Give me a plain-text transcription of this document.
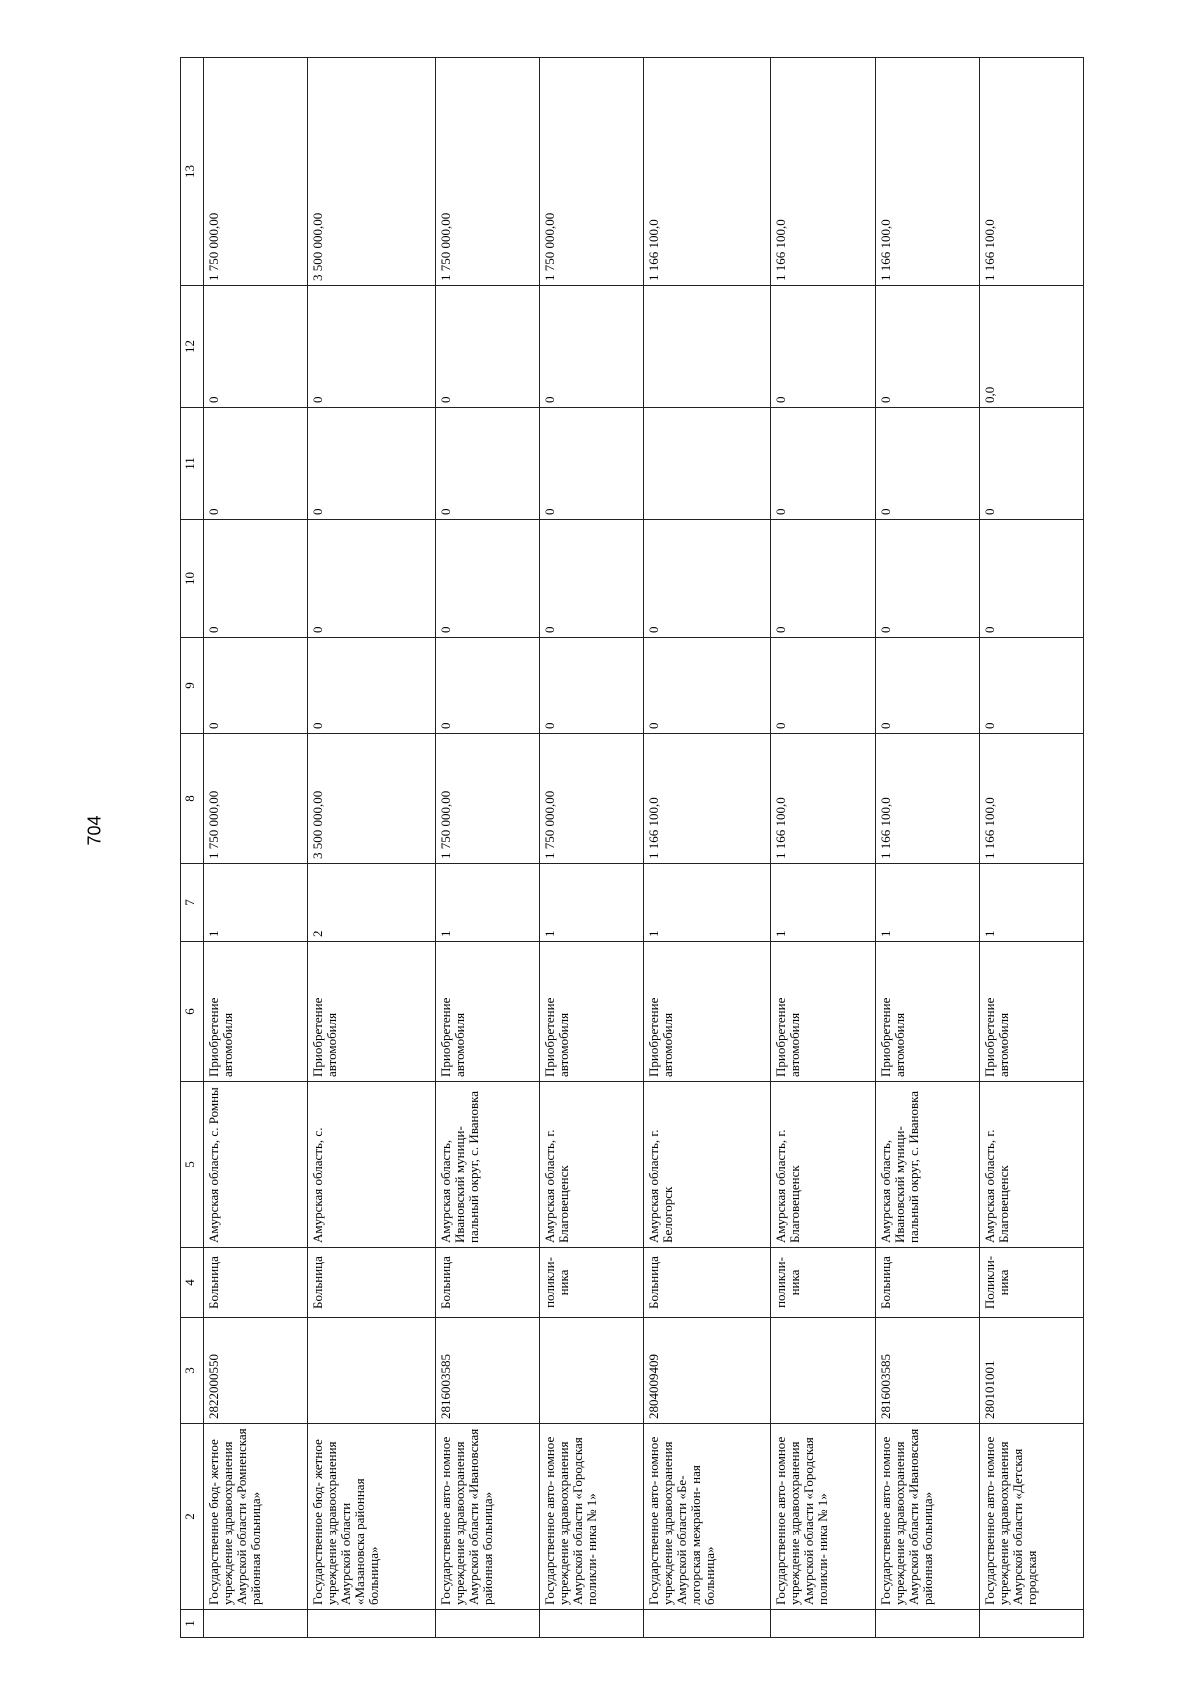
704
1	2	3	4	5	6	7	8	9	10	11	12	13
	Государственное бюд- жетное учреждение здравоохранения Амурской области «Ромненская районная больница»	2822000550	Больница	Амурская область, с. Ромны	Приобретение автомобиля	1	1 750 000,00	0	0	0	0	1 750 000,00
	Государственное бюд- жетное учреждение здравоохранения Амурской области «Мазановска районная больница»		Больница	Амурская область, с.	Приобретение автомобиля	2	3 500 000,00	0	0	0	0	3 500 000,00
	Государственное авто- номное учреждение здравоохранения Амурской области «Ивановская районная больница»	2816003585	Больница	Амурская область, Ивановский муници- пальный округ, с. Ивановка	Приобретение автомобиля	1	1 750 000,00	0	0	0	0	1 750 000,00
	Государственное авто- номное учреждение здравоохранения Амурской области «Городская поликли- ника № 1»		поликли- ника	Амурская область, г. Благовещенск	Приобретение автомобиля	1	1 750 000,00	0	0	0	0	1 750 000,00
	Государственное авто- номное учреждение здравоохранения Амурской области «Бе- логорская межрайон- ная больница»	2804009409	Больница	Амурская область, г. Белогорск	Приобретение автомобиля	1	1 166 100,0	0	0			1 166 100,0
	Государственное авто- номное учреждение здравоохранения Амурской области «Городская поликли- ника № 1»		поликли- ника	Амурская область, г. Благовещенск	Приобретение автомобиля	1	1 166 100,0	0	0	0	0	1 166 100,0
	Государственное авто- номное учреждение здравоохранения Амурской области «Ивановская районная больница»	2816003585	Больница	Амурская область, Ивановский муници- пальный округ, с. Ивановка	Приобретение автомобиля	1	1 166 100,0	0	0	0	0	1 166 100,0
	Государственное авто- номное учреждение здравоохранения Амурской области «Детская городская	280101001	Поликли- ника	Амурская область, г. Благовещенск	Приобретение автомобиля	1	1 166 100,0	0	0	0	0,0	1 166 100,0
